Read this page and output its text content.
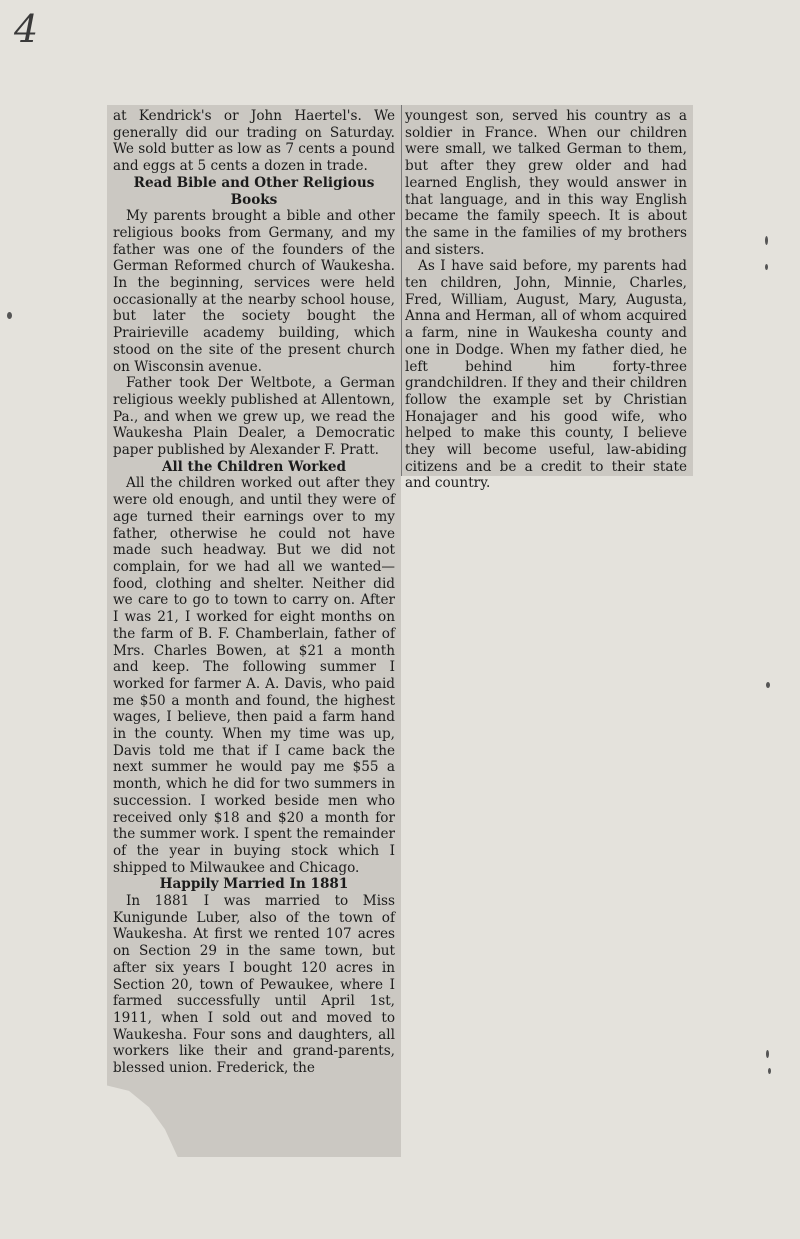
4

at Kendrick's or John Haertel's. We generally did our trading on Saturday. We sold butter as low as 7 cents a pound and eggs at 5 cents a dozen in trade.

Read Bible and Other Religious Books

My parents brought a bible and other religious books from Germany, and my father was one of the founders of the German Reformed church of Waukesha. In the beginning, services were held occasionally at the nearby school house, but later the society bought the Prairieville academy building, which stood on the site of the present church on Wisconsin avenue.

Father took Der Weltbote, a German religious weekly published at Allentown, Pa., and when we grew up, we read the Waukesha Plain Dealer, a Democratic paper published by Alexander F. Pratt.

All the Children Worked

All the children worked out after they were old enough, and until they were of age turned their earnings over to my father, otherwise he could not have made such headway. But we did not complain, for we had all we wanted—food, clothing and shelter. Neither did we care to go to town to carry on. After I was 21, I worked for eight months on the farm of B. F. Chamberlain, father of Mrs. Charles Bowen, at $21 a month and keep. The following summer I worked for farmer A. A. Davis, who paid me $50 a month and found, the highest wages, I believe, then paid a farm hand in the county. When my time was up, Davis told me that if I came back the next summer he would pay me $55 a month, which he did for two summers in succession. I worked beside men who received only $18 and $20 a month for the summer work. I spent the remainder of the year in buying stock which I shipped to Milwaukee and Chicago.

Happily Married In 1881

In 1881 I was married to Miss Kunigunde Luber, also of the town of Waukesha. At first we rented 107 acres on Section 29 in the same town, but after six years I bought 120 acres in Section 20, town of Pewaukee, where I farmed successfully until April 1st, 1911, when I sold out and moved to Waukesha. Four sons and daughters, all workers like their and grand-parents, blessed union. Frederick, the

youngest son, served his country as a soldier in France. When our children were small, we talked German to them, but after they grew older and had learned English, they would answer in that language, and in this way English became the family speech. It is about the same in the families of my brothers and sisters.

As I have said before, my parents had ten children, John, Minnie, Charles, Fred, William, August, Mary, Augusta, Anna and Herman, all of whom acquired a farm, nine in Waukesha county and one in Dodge. When my father died, he left behind him forty-three grandchildren. If they and their children follow the example set by Christian Honajager and his good wife, who helped to make this county, I believe they will become useful, law-abiding citizens and be a credit to their state and country.
